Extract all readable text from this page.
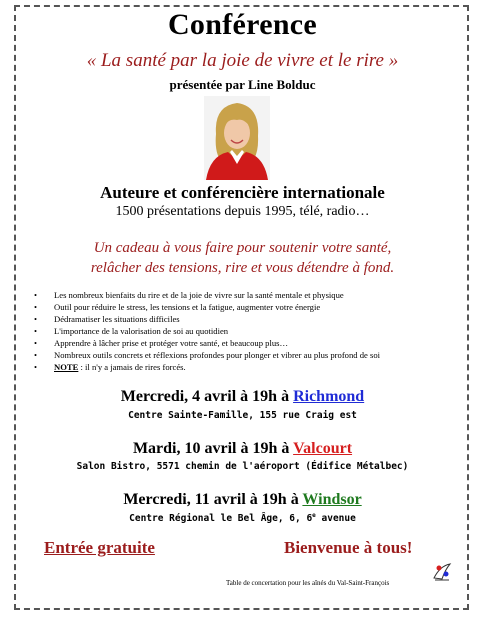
Conférence
« La santé par la joie de vivre et le rire »
présentée par Line Bolduc
Auteure et conférencière internationale
1500 présentations depuis 1995, télé, radio…
Un cadeau à vous faire pour soutenir votre santé,
relâcher des tensions, rire et vous détendre à fond.
• Les nombreux bienfaits du rire et de la joie de vivre sur la santé mentale et physique
• Outil pour réduire le stress, les tensions et la fatigue, augmenter votre énergie
• Dédramatiser les situations difficiles
• L'importance de la valorisation de soi au quotidien
• Apprendre à lâcher prise et protéger votre santé, et beaucoup plus…
• Nombreux outils concrets et réflexions profondes pour plonger et vibrer au plus profond de soi
• NOTE : il n'y a jamais de rires forcés.
Mercredi, 4 avril à 19h à Richmond
Centre Sainte-Famille, 155 rue Craig est
Mardi, 10 avril à 19h à Valcourt
Salon Bistro, 5571 chemin de l'aéroport (Édifice Métalbec)
Mercredi, 11 avril à 19h à Windsor
Centre Régional le Bel Âge, 6, 6e avenue
Entrée gratuite	Bienvenue à tous!
Table de concertation pour les aînés du Val-Saint-François
